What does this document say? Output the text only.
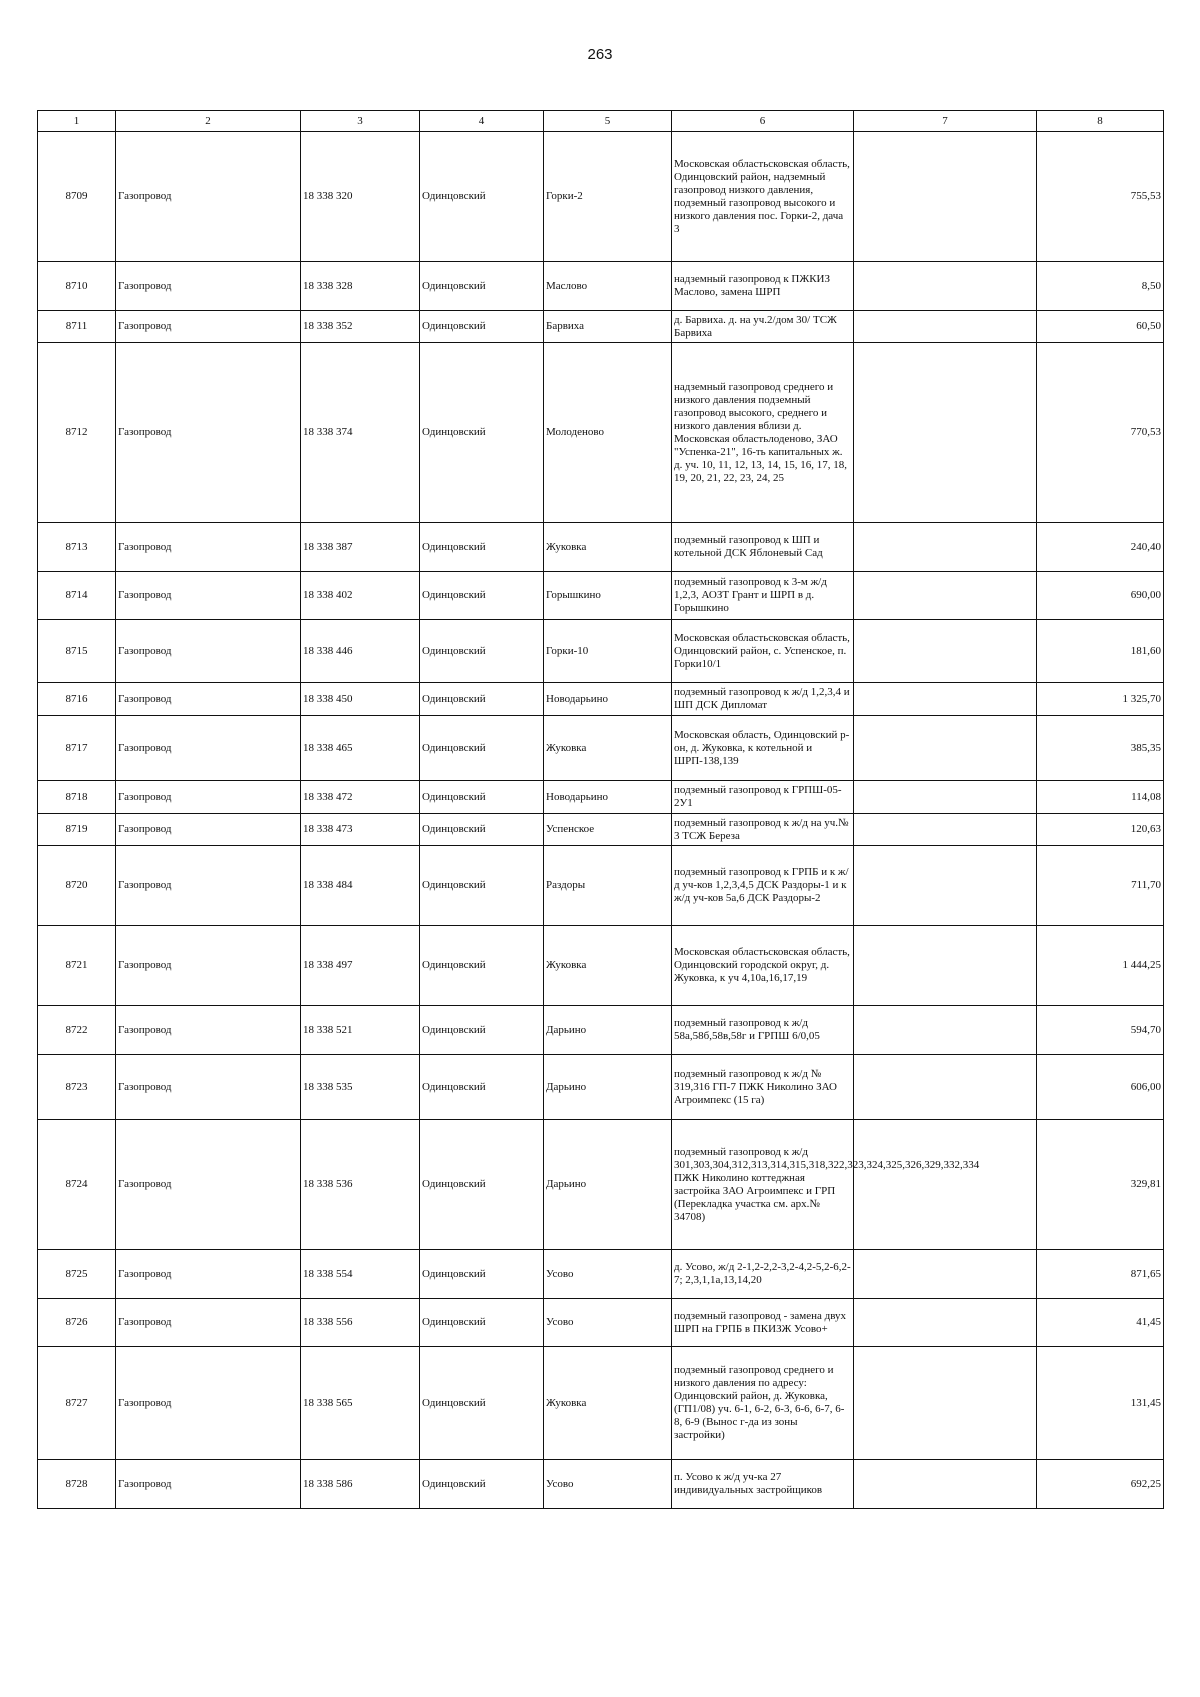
263
1	2	3	4	5	6	7	8
8709	Газопровод	18 338 320	Одинцовский	Горки-2	Московская областьсковская область, Одинцовский район, надземный газопровод низкого давления, подземный газопровод высокого и низкого давления пос. Горки-2, дача 3		755,53
8710	Газопровод	18 338 328	Одинцовский	Маслово	надземный газопровод к ПЖКИЗ Маслово, замена ШРП		8,50
8711	Газопровод	18 338 352	Одинцовский	Барвиха	д. Барвиха. д. на уч.2/дом 30/ ТСЖ Барвиха		60,50
8712	Газопровод	18 338 374	Одинцовский	Молоденово	надземный газопровод среднего и низкого давления подземный газопровод высокого, среднего и низкого давления вблизи д. Московская областьлоденово, ЗАО "Успенка-21", 16-ть капитальных ж. д. уч. 10, 11, 12, 13, 14, 15, 16, 17, 18, 19, 20, 21, 22, 23, 24, 25		770,53
8713	Газопровод	18 338 387	Одинцовский	Жуковка	подземный газопровод к ШП и котельной ДСК Яблоневый Сад		240,40
8714	Газопровод	18 338 402	Одинцовский	Горышкино	подземный газопровод к 3-м ж/д 1,2,3, АОЗТ Грант и ШРП в д. Горышкино		690,00
8715	Газопровод	18 338 446	Одинцовский	Горки-10	Московская областьсковская область, Одинцовский район, с. Успенское, п. Горки10/1		181,60
8716	Газопровод	18 338 450	Одинцовский	Новодарьино	подземный газопровод к ж/д 1,2,3,4 и ШП ДСК Дипломат		1 325,70
8717	Газопровод	18 338 465	Одинцовский	Жуковка	Московская область, Одинцовский р-он, д. Жуковка, к котельной и ШРП-138,139		385,35
8718	Газопровод	18 338 472	Одинцовский	Новодарьино	подземный газопровод к ГРПШ-05-2У1		114,08
8719	Газопровод	18 338 473	Одинцовский	Успенское	подземный газопровод к ж/д на уч.№ 3 ТСЖ Береза		120,63
8720	Газопровод	18 338 484	Одинцовский	Раздоры	подземный газопровод к ГРПБ и к ж/д уч-ков 1,2,3,4,5 ДСК Раздоры-1 и к ж/д уч-ков 5а,6 ДСК Раздоры-2		711,70
8721	Газопровод	18 338 497	Одинцовский	Жуковка	Московская областьсковская область, Одинцовский городской округ, д. Жуковка, к уч 4,10а,16,17,19		1 444,25
8722	Газопровод	18 338 521	Одинцовский	Дарьино	подземный газопровод к ж/д 58а,58б,58в,58г и ГРПШ 6/0,05		594,70
8723	Газопровод	18 338 535	Одинцовский	Дарьино	подземный газопровод к ж/д № 319,316 ГП-7 ПЖК Николино ЗАО Агроимпекс (15 га)		606,00
8724	Газопровод	18 338 536	Одинцовский	Дарьино	подземный газопровод к ж/д 301,303,304,312,313,314,315,318,322,323,324,325,326,329,332,334 ПЖК Николино коттеджная застройка ЗАО Агроимпекс и ГРП (Перекладка участка см. арх.№ 34708)		329,81
8725	Газопровод	18 338 554	Одинцовский	Усово	д. Усово, ж/д 2-1,2-2,2-3,2-4,2-5,2-6,2-7; 2,3,1,1а,13,14,20		871,65
8726	Газопровод	18 338 556	Одинцовский	Усово	подземный газопровод - замена двух ШРП на ГРПБ в ПКИЗЖ Усово+		41,45
8727	Газопровод	18 338 565	Одинцовский	Жуковка	подземный газопровод среднего и низкого давления по адресу: Одинцовский район, д. Жуковка, (ГП1/08) уч. 6-1, 6-2, 6-3, 6-6, 6-7, 6-8, 6-9 (Вынос г-да из зоны застройки)		131,45
8728	Газопровод	18 338 586	Одинцовский	Усово	п. Усово к ж/д уч-ка 27 индивидуальных застройщиков		692,25
